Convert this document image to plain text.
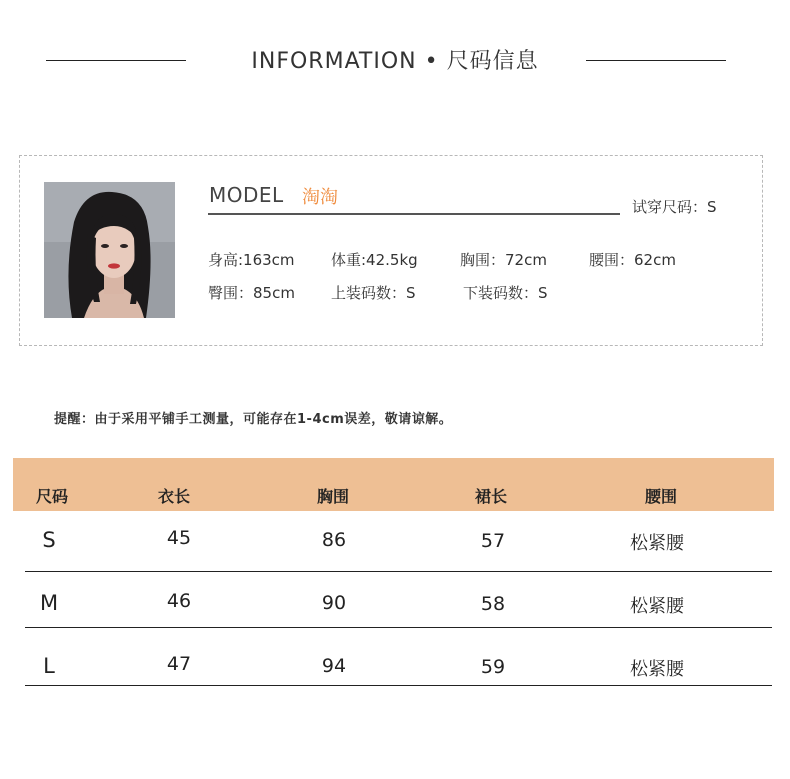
INFORMATION • 尺码信息
MODEL 淘淘	试穿尺码：S
身高:163cm 体重:42.5kg	胸围：72cm	腰围：62cm
臀围：85cm 上装码数：S	下装码数：S
提醒：由于采用平铺手工测量，可能存在1-4cm误差，敬请谅解。
尺码	衣长	胸围	裙长	腰围
S	45	86	57	松紧腰
M	46	90	58	松紧腰
L	47	94	59	松紧腰
